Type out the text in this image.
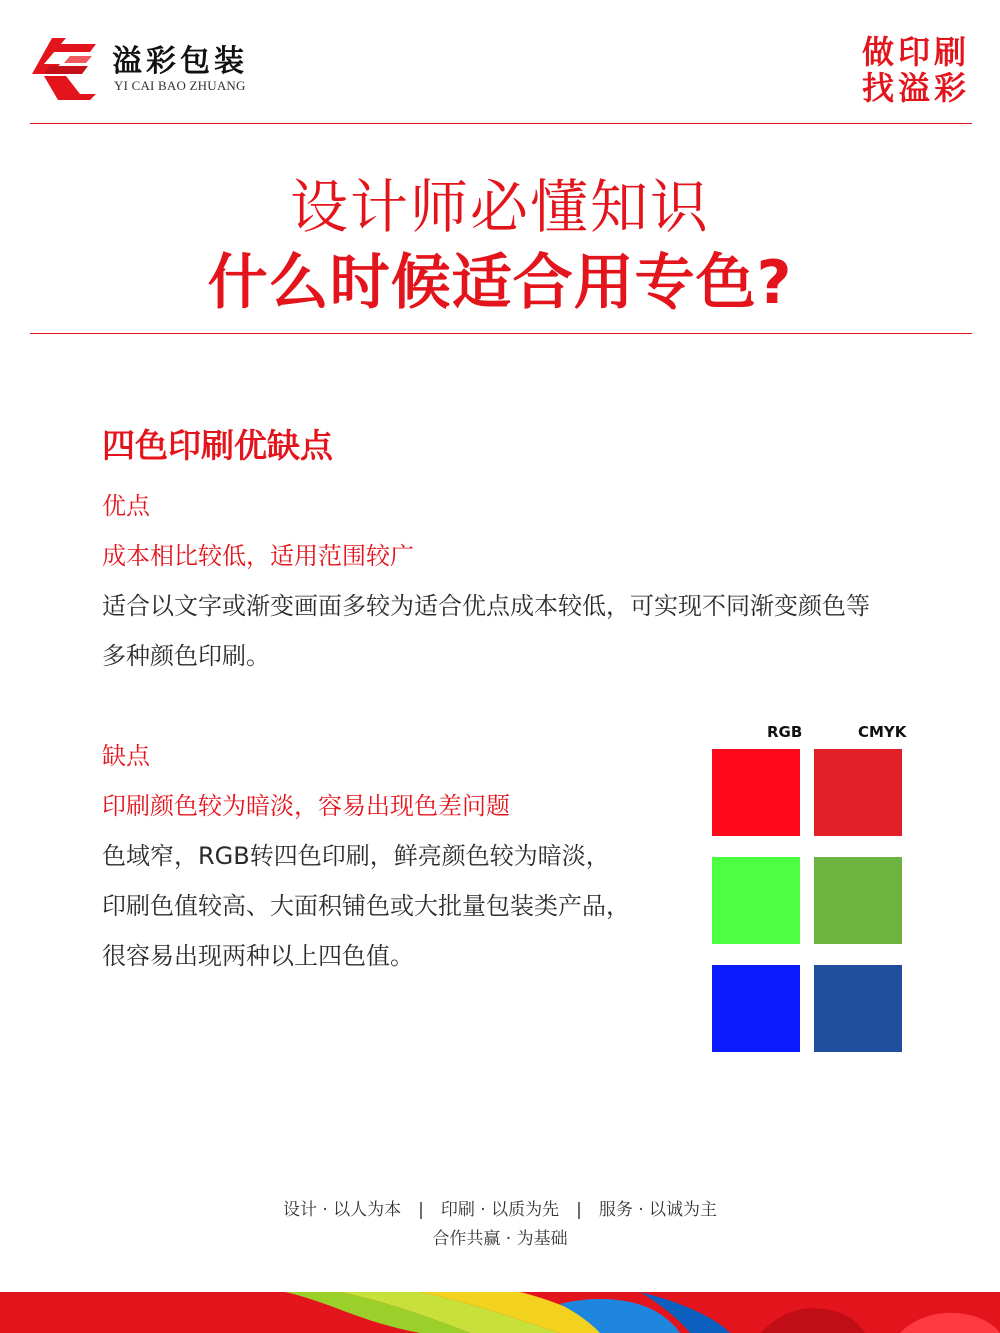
溢彩包装
YI CAI BAO ZHUANG
做印刷
找溢彩
设计师必懂知识
什么时候适合用专色?
四色印刷优缺点
优点
成本相比较低，适用范围较广
适合以文字或渐变画面多较为适合优点成本较低，可实现不同渐变颜色等
多种颜色印刷。
缺点
印刷颜色较为暗淡，容易出现色差问题
色域窄，RGB转四色印刷，鲜亮颜色较为暗淡，
印刷色值较高、大面积铺色或大批量包装类产品，
很容易出现两种以上四色值。
RGB	CMYK
设计 · 以人为本　|　印刷 · 以质为先　|　服务 · 以诚为主
合作共赢 · 为基础
